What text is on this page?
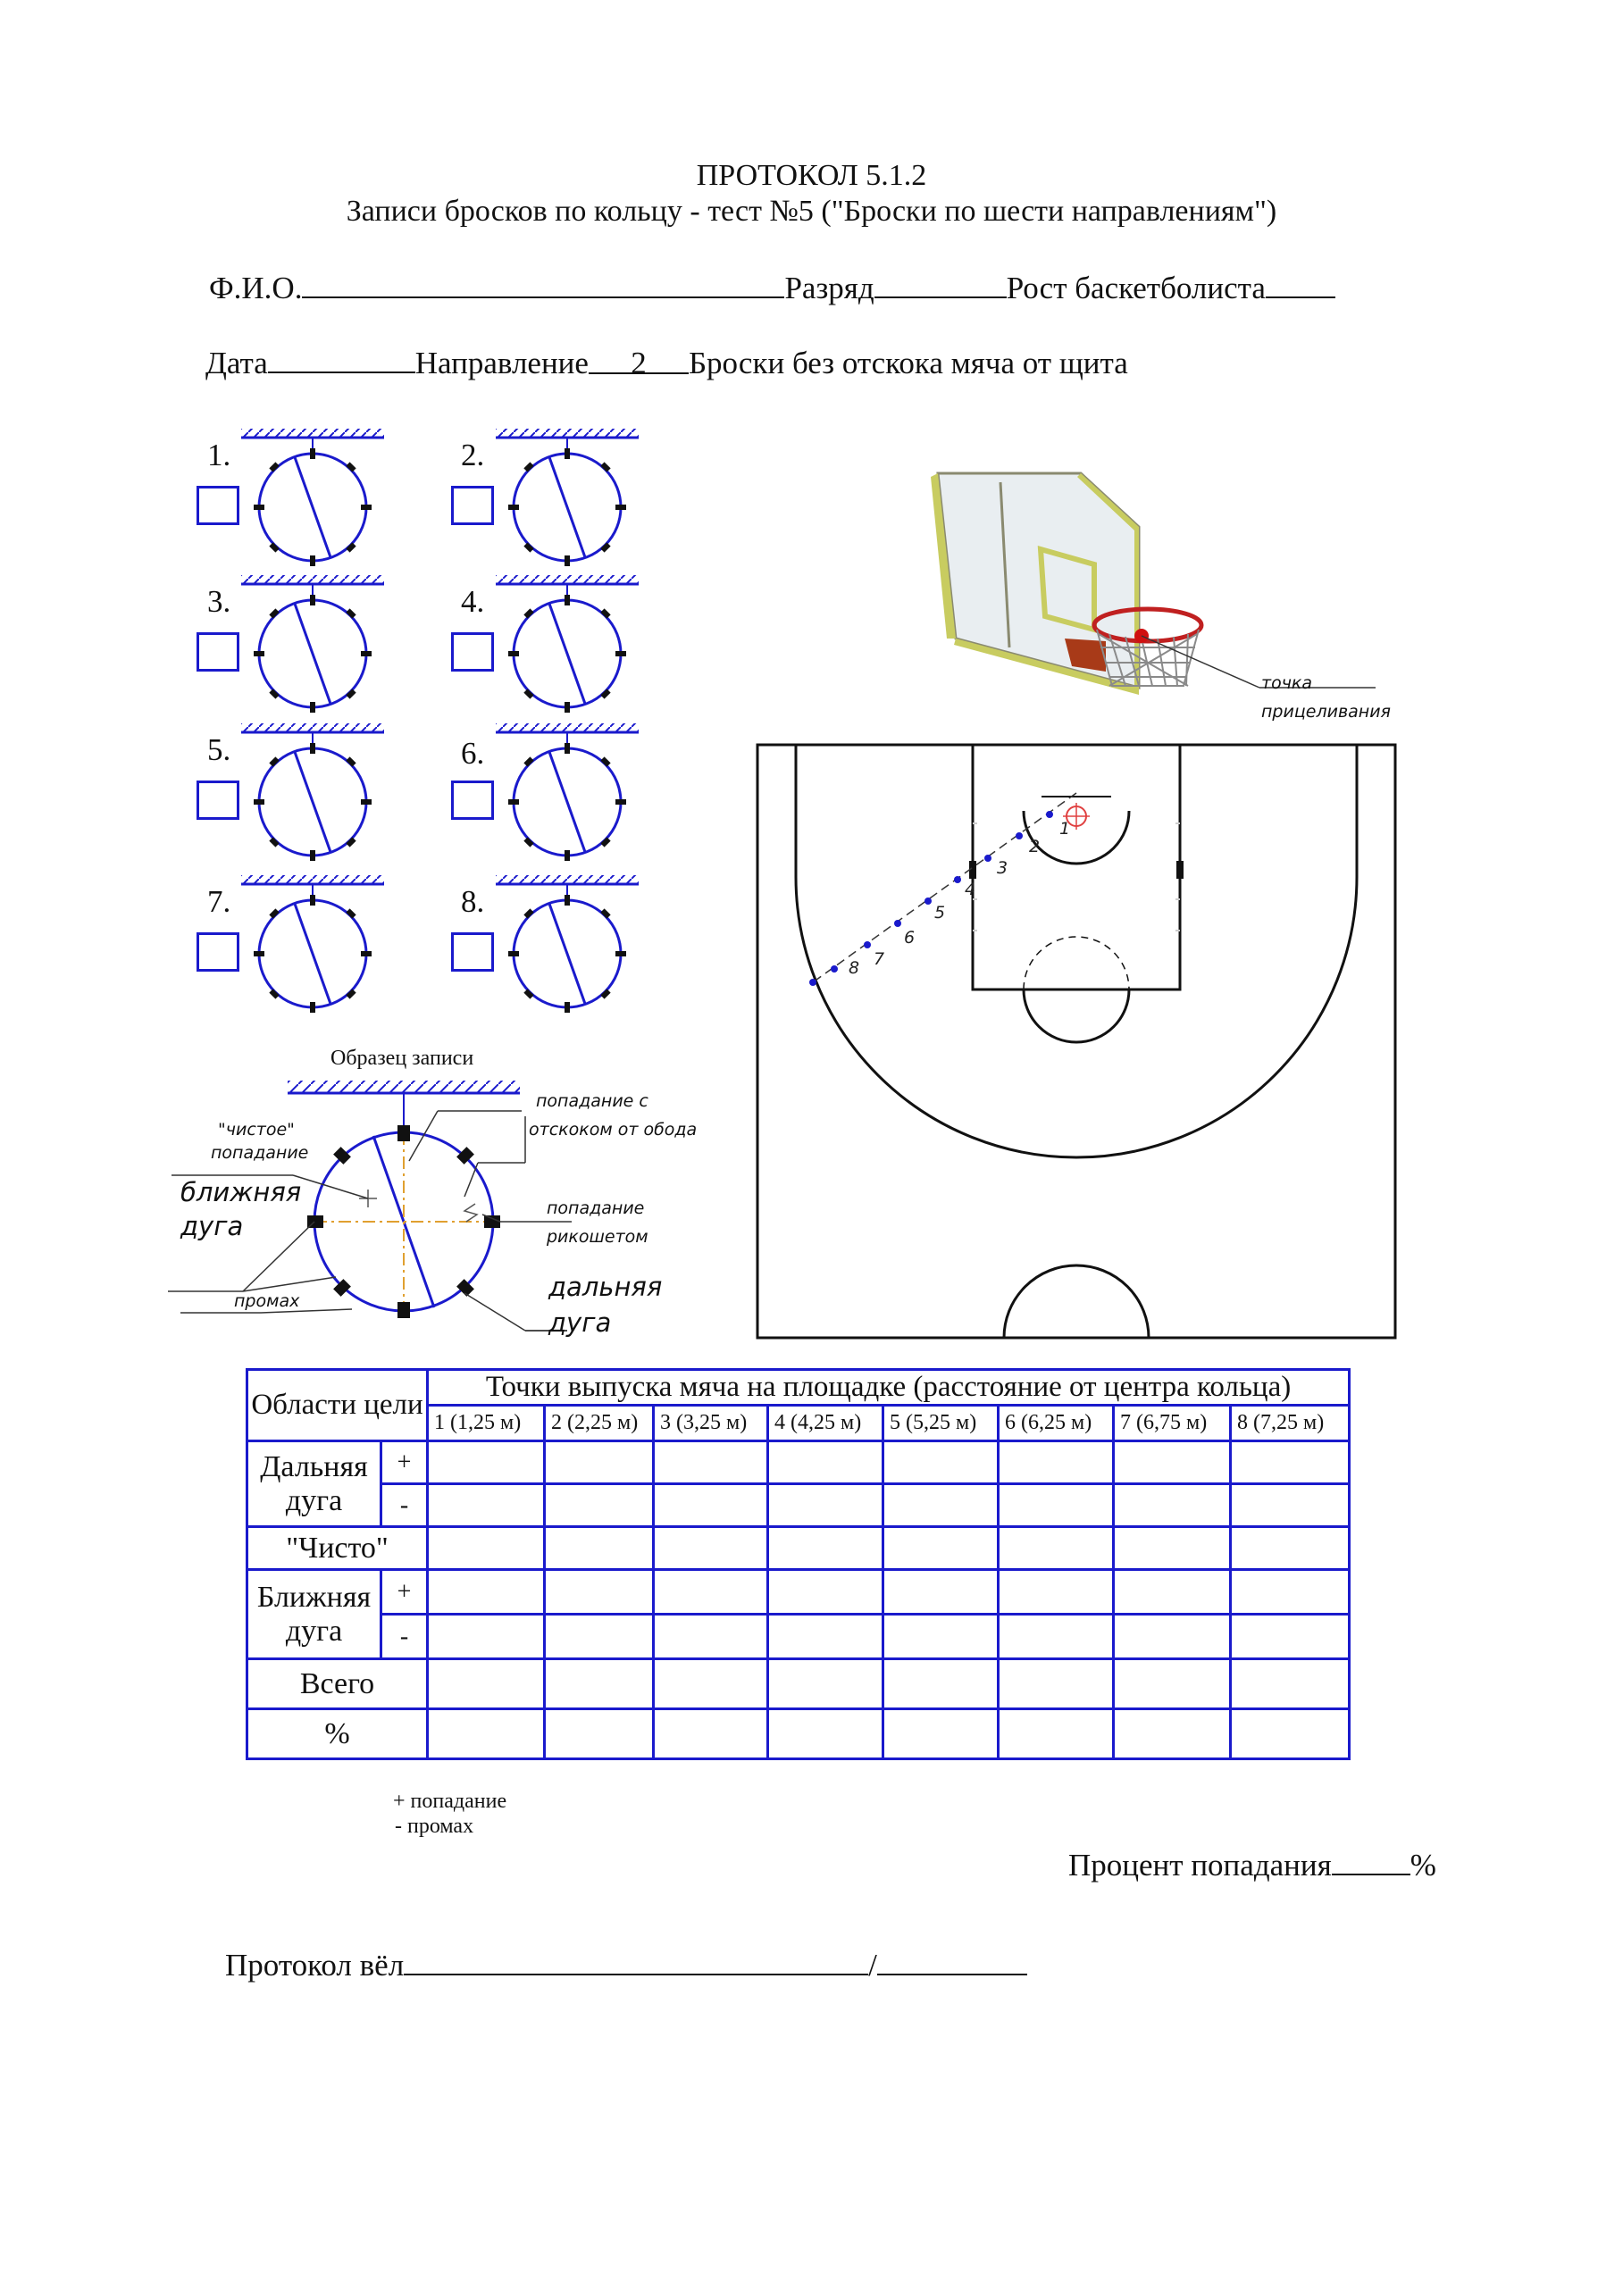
ПРОТОКОЛ 5.1.2
Записи бросков по кольцу - тест №5 ("Броски по шести направлениям")
Ф.И.О.	Разряд	Рост баскетболиста
Дата	Направление 2 Броски без отскока мяча от щита
1.	2.
3.	4.
5.	6.
7.	8.
Образец записи
"чистое"
попадание
ближняя
дуга
промах
попадание с
отскоком от обода
попадание
рикошетом
дальняя
дуга
точка
прицеливания
1
2
3
4
5
6
7
8
Области цели		Точки выпуска мяча на площадке (расстояние от центра кольца)							
		1 (1,25 м)	2 (2,25 м)	3 (3,25 м)	4 (4,25 м)	5 (5,25 м)	6 (6,25 м)	7 (6,75 м)	8 (7,25 м)
Дальняя дуга	+								
	-								
"Чисто"									
Ближняя дуга	+								
	-								
Всего									
%									
+ попадание
- промах
Процент попадания	%
Протокол вёл	/
